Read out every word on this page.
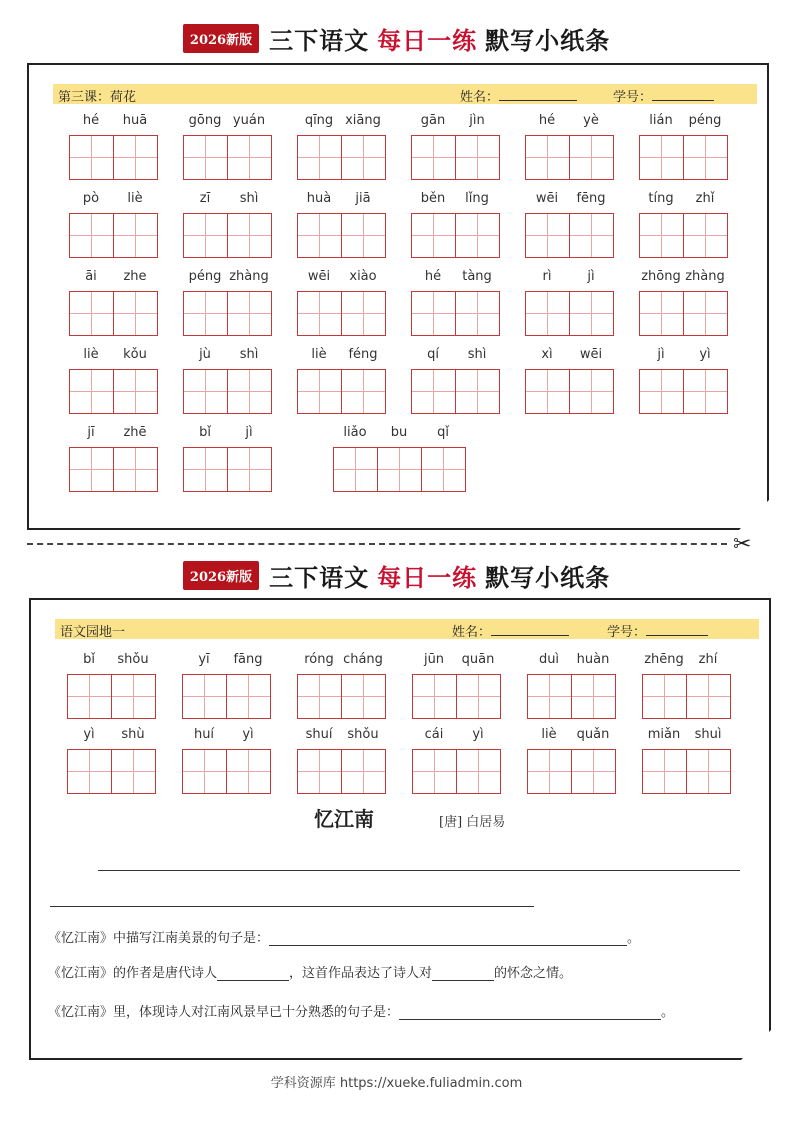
2026新版 三下语文 每日一练 默写小纸条
第三课：荷花	姓名：	学号：
hé	huā	gōng yuán	qīng xiāng	gān	jìn	hé	yè	lián	péng
pò	liè	zī	shì	huà	jiā	běn	lǐng	wēi	fēng	tíng	zhǐ
āi	zhe	péng zhàng	wēi	xiào	hé	tàng	rì	jì	zhōng zhàng
liè	kǒu	jù	shì	liè	féng	qí	shì	xì	wēi	jì	yì
jī	zhē	bǐ	jì	liǎo	bu	qǐ
✂
2026新版 三下语文 每日一练 默写小纸条
语文园地一	姓名：	学号：
bǐ	shǒu	yī	fāng	róng cháng	jūn	quān	duì	huàn	zhēng	zhí
yì	shù	huí	yì	shuí	shǒu	cái	yì	liè	quǎn	miǎn	shuì
忆江南	[唐] 白居易
《忆江南》中描写江南美景的句子是：	。
《忆江南》的作者是唐代诗人	，这首作品表达了诗人对	的怀念之情。
《忆江南》里，体现诗人对江南风景早已十分熟悉的句子是：	。
学科资源库 https://xueke.fuliadmin.com
